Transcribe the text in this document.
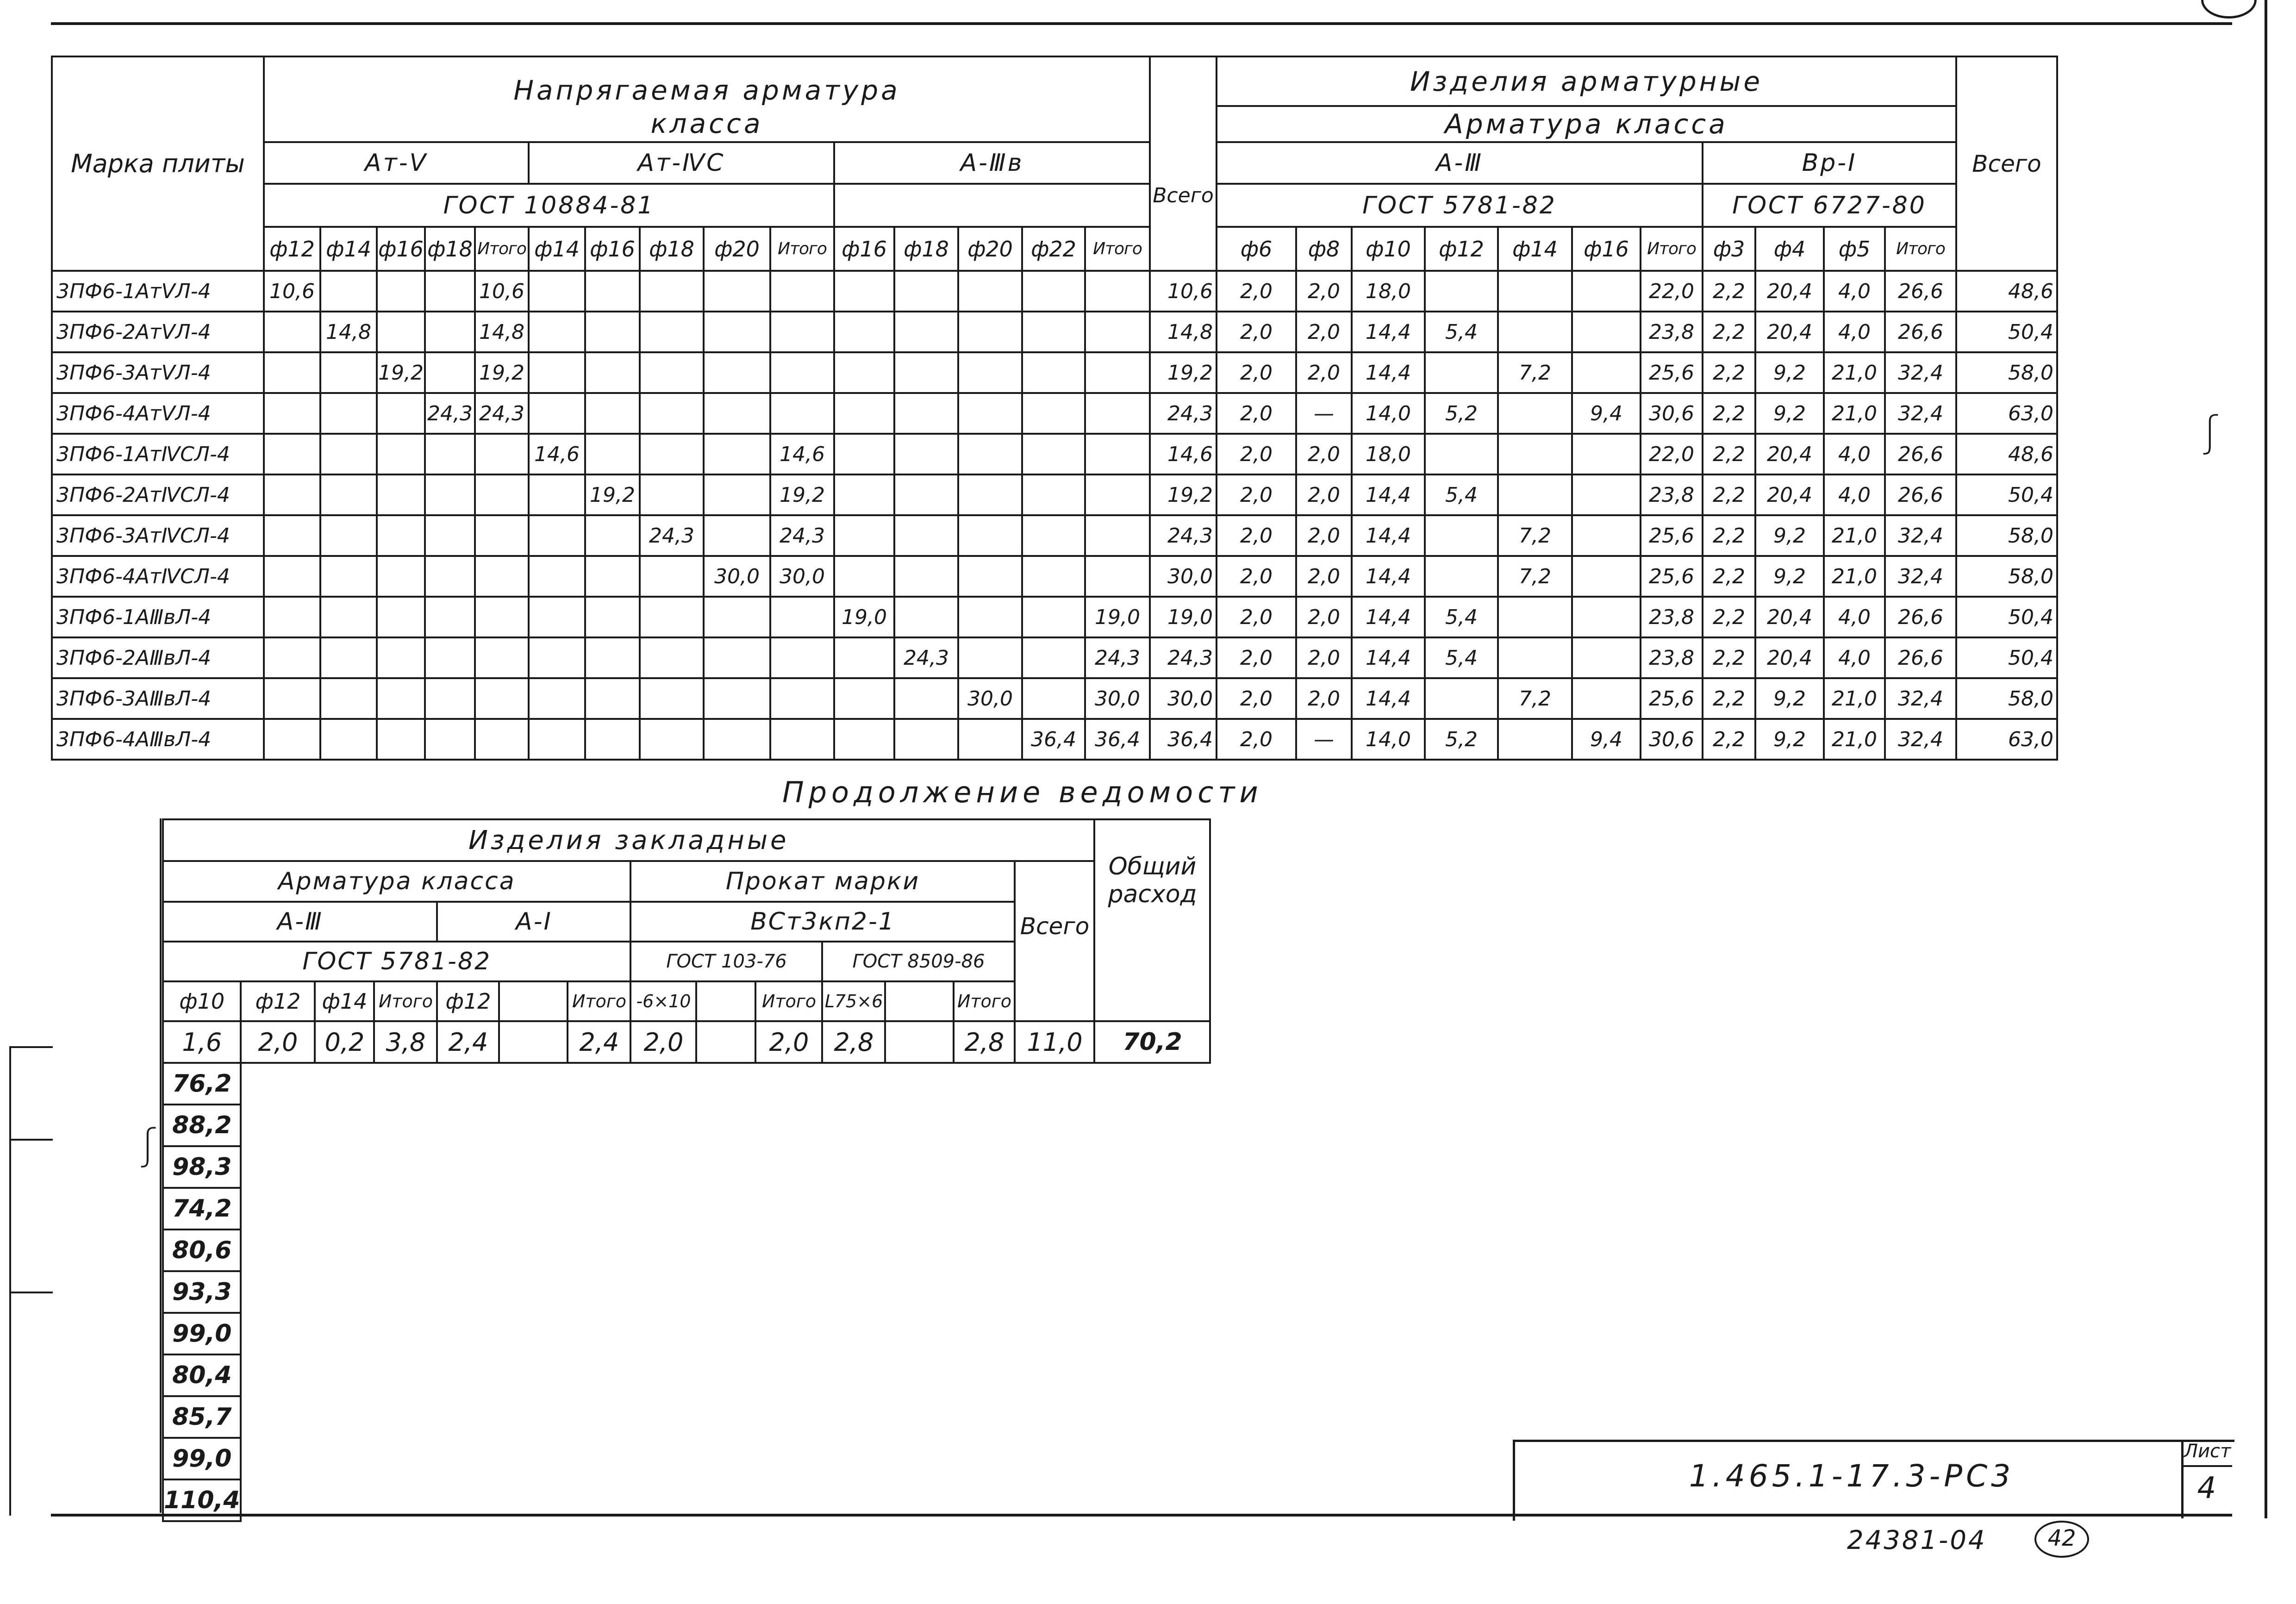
Марка плиты	Напрягаемая арматура																Изделия арматурные											Всего
	класса																Арматура класса											
	Ат-Ⅴ					Ат-ⅣС					А-Ⅲв						А-Ⅲ							Вр-Ⅰ				
	ГОСТ 10884-81															Всего	ГОСТ 5781-82							ГОСТ 6727-80				
	ф12	ф14	ф16	ф18	Итого	ф14	ф16	ф18	ф20	Итого	ф16	ф18	ф20	ф22	Итого		ф6	ф8	ф10	ф12	ф14	ф16	Итого	ф3	ф4	ф5	Итого	
3ПФ6-1АтⅤЛ-4	10,6				10,6											10,6	2,0	2,0	18,0				22,0	2,2	20,4	4,0	26,6	48,6
3ПФ6-2АтⅤЛ-4		14,8			14,8											14,8	2,0	2,0	14,4	5,4			23,8	2,2	20,4	4,0	26,6	50,4
3ПФ6-3АтⅤЛ-4			19,2		19,2											19,2	2,0	2,0	14,4		7,2		25,6	2,2	9,2	21,0	32,4	58,0
3ПФ6-4АтⅤЛ-4				24,3	24,3											24,3	2,0	—	14,0	5,2		9,4	30,6	2,2	9,2	21,0	32,4	63,0
3ПФ6-1АтⅣСЛ-4						14,6				14,6						14,6	2,0	2,0	18,0				22,0	2,2	20,4	4,0	26,6	48,6
3ПФ6-2АтⅣСЛ-4							19,2			19,2						19,2	2,0	2,0	14,4	5,4			23,8	2,2	20,4	4,0	26,6	50,4
3ПФ6-3АтⅣСЛ-4								24,3		24,3						24,3	2,0	2,0	14,4		7,2		25,6	2,2	9,2	21,0	32,4	58,0
3ПФ6-4АтⅣСЛ-4									30,0	30,0						30,0	2,0	2,0	14,4		7,2		25,6	2,2	9,2	21,0	32,4	58,0
3ПФ6-1АⅢвЛ-4											19,0				19,0	19,0	2,0	2,0	14,4	5,4			23,8	2,2	20,4	4,0	26,6	50,4
3ПФ6-2АⅢвЛ-4												24,3			24,3	24,3	2,0	2,0	14,4	5,4			23,8	2,2	20,4	4,0	26,6	50,4
3ПФ6-3АⅢвЛ-4													30,0		30,0	30,0	2,0	2,0	14,4		7,2		25,6	2,2	9,2	21,0	32,4	58,0
3ПФ6-4АⅢвЛ-4														36,4	36,4	36,4	2,0	—	14,0	5,2		9,4	30,6	2,2	9,2	21,0	32,4	63,0
Продолжение ведомости
Изделия закладные														Общий
расход

Арматура класса							Прокат марки						Всего	
А-Ⅲ				А-Ⅰ			ВСт3кп2-1							
ГОСТ 5781-82							ГОСТ 103-76			ГОСТ 8509-86				
ф10	ф12	ф14	Итого	ф12		Итого	-6×10		Итого	L75×6		Итого		
1,6	2,0	0,2	3,8	2,4		2,4	2,0		2,0	2,8		2,8	11,0	70,2
76,2														
88,2														
98,3														
74,2														
80,6														
93,3														
99,0														
80,4														
85,7														
99,0														
110,4														
1.465.1-17.3-РС3
Лист
4
24381-04	42
ʃ
ʃ
